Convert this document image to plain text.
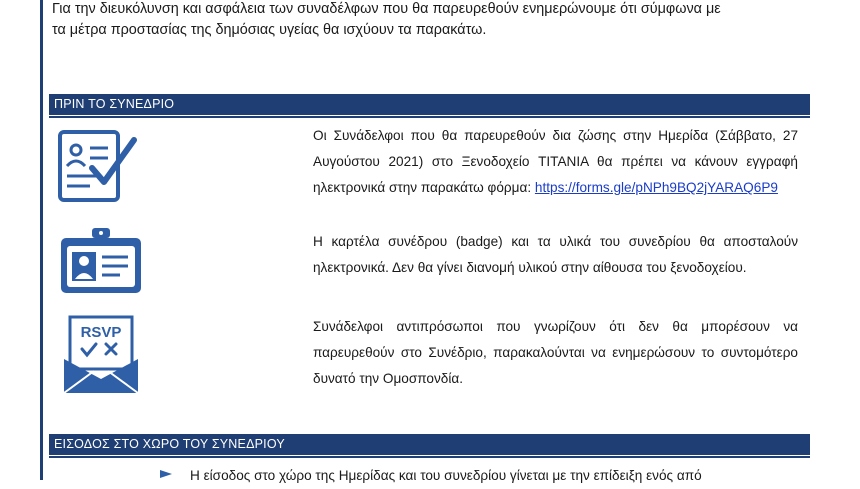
Για την διευκόλυνση και ασφάλεια των συναδέλφων που θα παρευρεθούν ενημερώνουμε ότι σύμφωνα με

τα μέτρα προστασίας της δημόσιας υγείας θα ισχύουν τα παρακάτω.

ΠΡΙΝ ΤΟ ΣΥΝΕΔΡΙΟ

Οι Συνάδελφοι που θα παρευρεθούν δια ζώσης στην Ημερίδα (Σάββατο, 27 Αυγούστου 2021) στο Ξενοδοχείο TITANIA θα πρέπει να κάνουν εγγραφή ηλεκτρονικά στην παρακάτω φόρμα: https://forms.gle/pNPh9BQ2jYARAQ6P9

Η καρτέλα συνέδρου (badge) και τα υλικά του συνεδρίου θα αποσταλούν ηλεκτρονικά. Δεν θα γίνει διανομή υλικού στην αίθουσα του ξενοδοχείου.

RSVP	Συνάδελφοι αντιπρόσωποι που γνωρίζουν ότι δεν θα μπορέσουν να παρευρεθούν στο Συνέδριο, παρακαλούνται να ενημερώσουν το συντομότερο δυνατό την Ομοσπονδία.

ΕΙΣΟΔΟΣ ΣΤΟ ΧΩΡΟ ΤΟΥ ΣΥΝΕΔΡΙΟΥ

Η είσοδος στο χώρο της Ημερίδας και του συνεδρίου γίνεται με την επίδειξη ενός από
